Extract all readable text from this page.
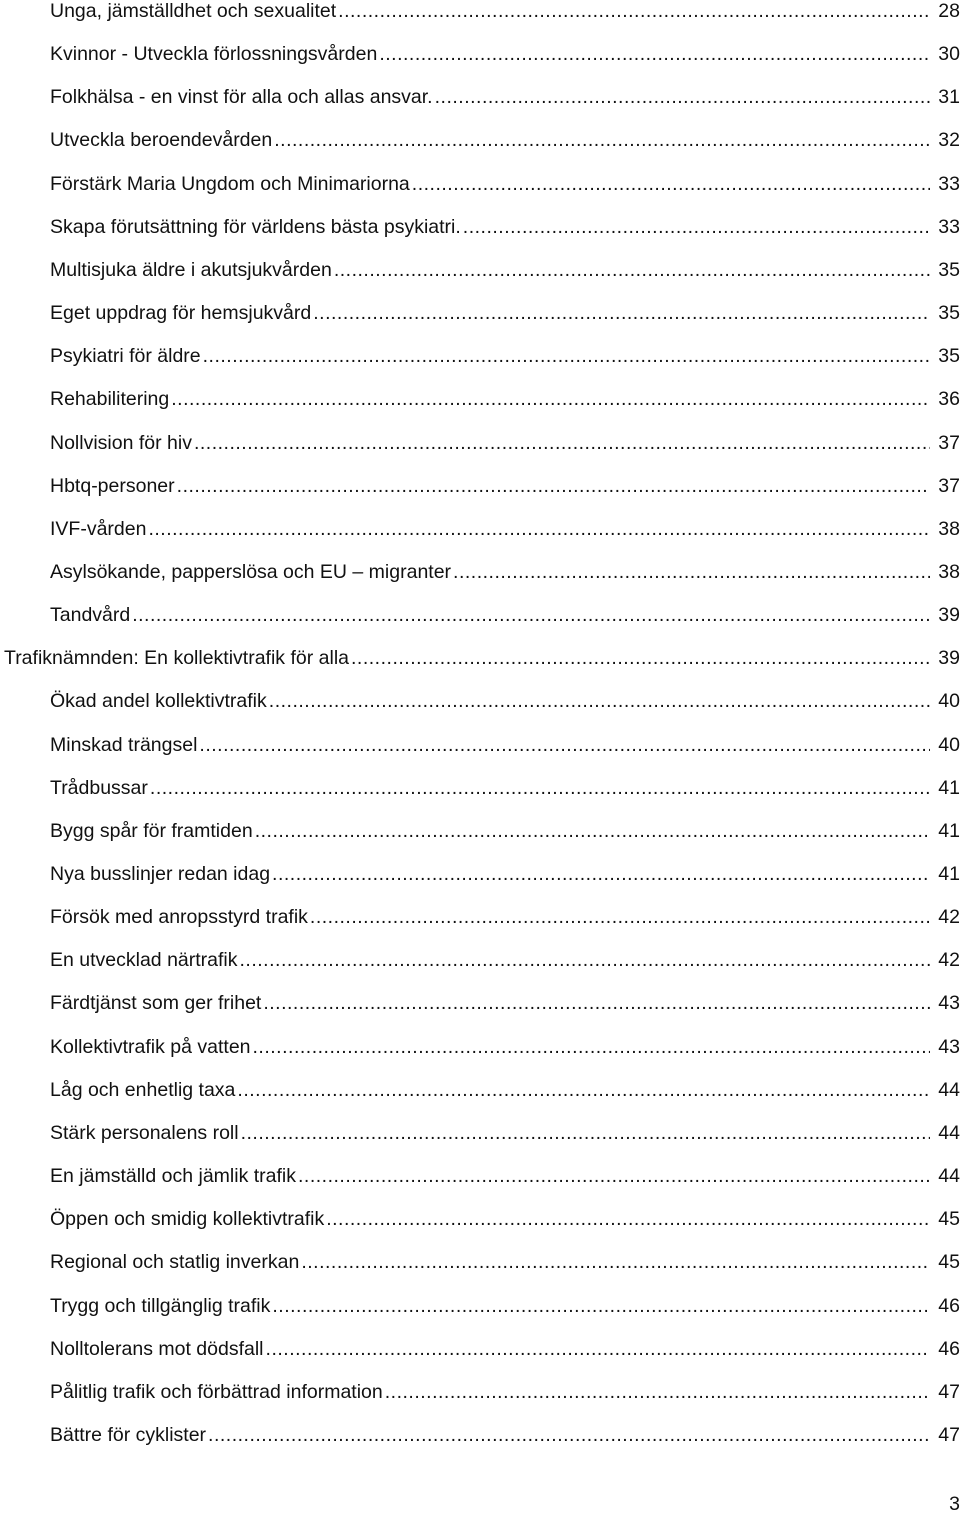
Unga, jämställdhet och sexualitet .....	28
Kvinnor - Utveckla förlossningsvården .....	30
Folkhälsa - en vinst för alla och allas ansvar. .....	31
Utveckla beroendevården .....	32
Förstärk Maria Ungdom och Minimariorna .....	33
Skapa förutsättning för världens bästa psykiatri. .....	33
Multisjuka äldre i akutsjukvården .....	35
Eget uppdrag för hemsjukvård .....	35
Psykiatri för äldre .....	35
Rehabilitering .....	36
Nollvision för hiv .....	37
Hbtq-personer .....	37
IVF-vården .....	38
Asylsökande, papperslösa och EU – migranter .....	38
Tandvård .....	39
Trafiknämnden: En kollektivtrafik för alla .....	39
Ökad andel kollektivtrafik .....	40
Minskad trängsel .....	40
Trådbussar .....	41
Bygg spår för framtiden .....	41
Nya busslinjer redan idag .....	41
Försök med anropsstyrd trafik .....	42
En utvecklad närtrafik .....	42
Färdtjänst som ger frihet .....	43
Kollektivtrafik på vatten .....	43
Låg och enhetlig taxa .....	44
Stärk personalens roll .....	44
En jämställd och jämlik trafik .....	44
Öppen och smidig kollektivtrafik .....	45
Regional och statlig inverkan .....	45
Trygg och tillgänglig trafik .....	46
Nolltolerans mot dödsfall .....	46
Pålitlig trafik och förbättrad information .....	47
Bättre för cyklister .....	47
3
